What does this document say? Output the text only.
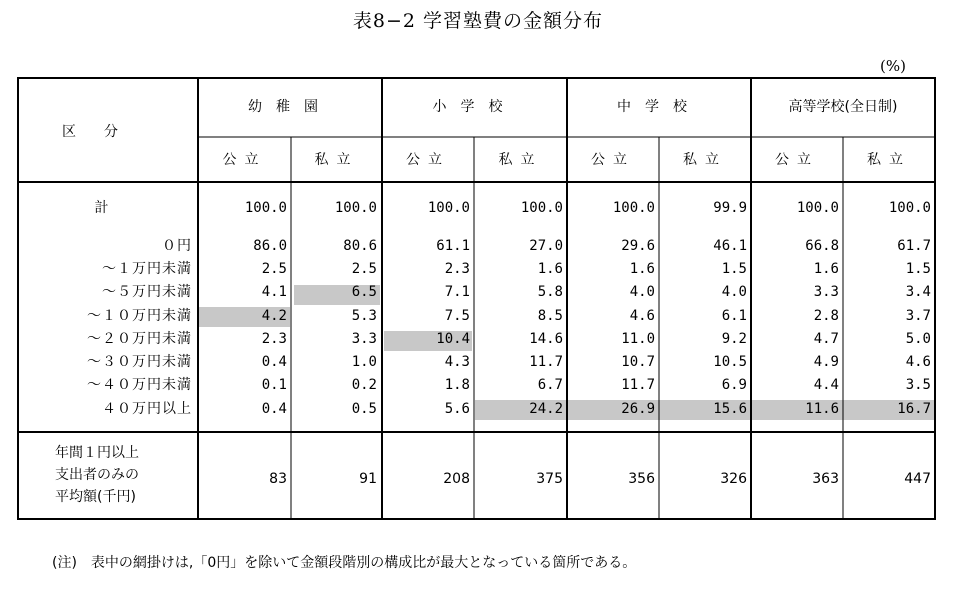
表8−2 学習塾費の金額分布
(%)
区　　分
幼稚園	小学校	中学校	高等学校(全日制)
公立	私立	公立	私立	公立	私立	公立	私立
計	100.0	100.0	100.0	100.0	100.0	99.9	100.0	100.0
０円	86.0	80.6	61.1	27.0	29.6	46.1	66.8	61.7
～１万円未満	2.5	2.5	2.3	1.6	1.6	1.5	1.6	1.5
～５万円未満	4.1	6.5	7.1	5.8	4.0	4.0	3.3	3.4
～１０万円未満	4.2	5.3	7.5	8.5	4.6	6.1	2.8	3.7
～２０万円未満	2.3	3.3	10.4	14.6	11.0	9.2	4.7	5.0
～３０万円未満	0.4	1.0	4.3	11.7	10.7	10.5	4.9	4.6
～４０万円未満	0.1	0.2	1.8	6.7	11.7	6.9	4.4	3.5
４０万円以上	0.4	0.5	5.6	24.2	26.9	15.6	11.6	16.7
年間１円以上
支出者のみの
平均額(千円)
83	91	208	375	356	326	363	447
(注)　表中の網掛けは,「0円」を除いて金額段階別の構成比が最大となっている箇所である。
